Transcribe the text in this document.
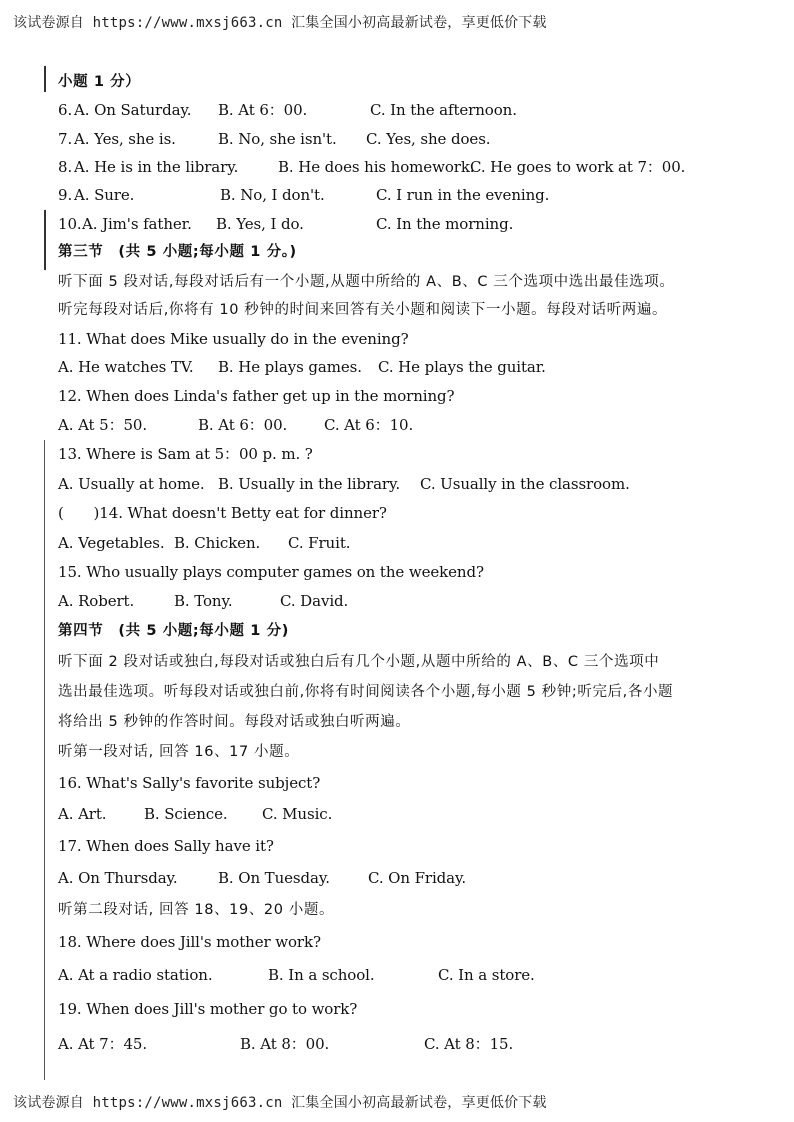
该试卷源自 https://www.mxsj663.cn 汇集全国小初高最新试卷，享更低价下载
小题 1 分）
6. A. On Saturday. B. At 6：00.	C. In the afternoon.
7. A. Yes, she is.	B. No, she isn't. C. Yes, she does.
8. A. He is in the library.	B. He does his homework.
C. He goes to work at 7：00.
9. A. Sure.	B. No, I don't.	C. I run in the evening.
10. A. Jim's father. B. Yes, I do.	C. In the morning.
第三节　(共 5 小题;每小题 1 分。)
听下面 5 段对话,每段对话后有一个小题,从题中所给的 A、B、C 三个选项中选出最佳选项。
听完每段对话后,你将有 10 秒钟的时间来回答有关小题和阅读下一小题。每段对话听两遍。
11. What does Mike usually do in the evening?
A. He watches TV. B. He plays games. C. He plays the guitar.
12. When does Linda's father get up in the morning?
A. At 5：50.	B. At 6：00. C. At 6：10.
13. Where is Sam at 5：00 p. m. ?
A. Usually at home. B. Usually in the library. C. Usually in the classroom.
(　　)14. What doesn't Betty eat for dinner?
A. Vegetables. B. Chicken. C. Fruit.
15. Who usually plays computer games on the weekend?
A. Robert.	B. Tony.	C. David.
第四节　(共 5 小题;每小题 1 分)
听下面 2 段对话或独白,每段对话或独白后有几个小题,从题中所给的 A、B、C 三个选项中
选出最佳选项。听每段对话或独白前,你将有时间阅读各个小题,每小题 5 秒钟;听完后,各小题
将给出 5 秒钟的作答时间。每段对话或独白听两遍。
听第一段对话, 回答 16、17 小题。
16. What's Sally's favorite subject?
A. Art.	B. Science. C. Music.
17. When does Sally have it?
A. On Thursday.	B. On Tuesday.	C. On Friday.
听第二段对话, 回答 18、19、20 小题。
18. Where does Jill's mother work?
A. At a radio station.	B. In a school.	C. In a store.
19. When does Jill's mother go to work?
A. At 7：45.	B. At 8：00.	C. At 8：15.
该试卷源自 https://www.mxsj663.cn 汇集全国小初高最新试卷，享更低价下载
